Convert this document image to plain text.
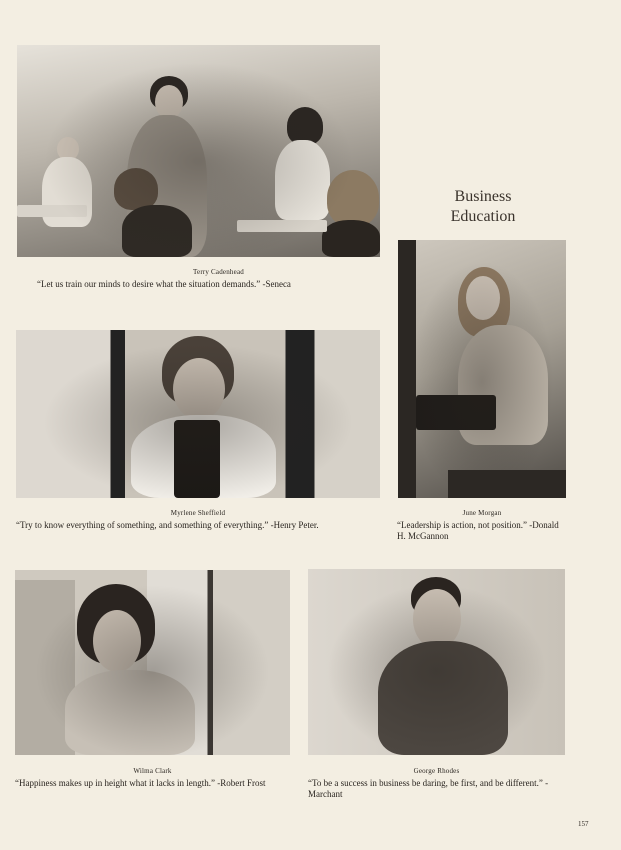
Terry Cadenhead
“Let us train our minds to desire what the situation demands.” -Seneca
Business
Education
June Morgan
“Leadership is action, not position.” -Donald H. McGannon
Myrlene Sheffield
“Try to know everything of something, and something of everything.” -Henry Peter.
Wilma Clark
“Happiness makes up in height what it lacks in length.” -Robert Frost
George Rhodes
“To be a success in business be daring, be first, and be different.” -Marchant
157
